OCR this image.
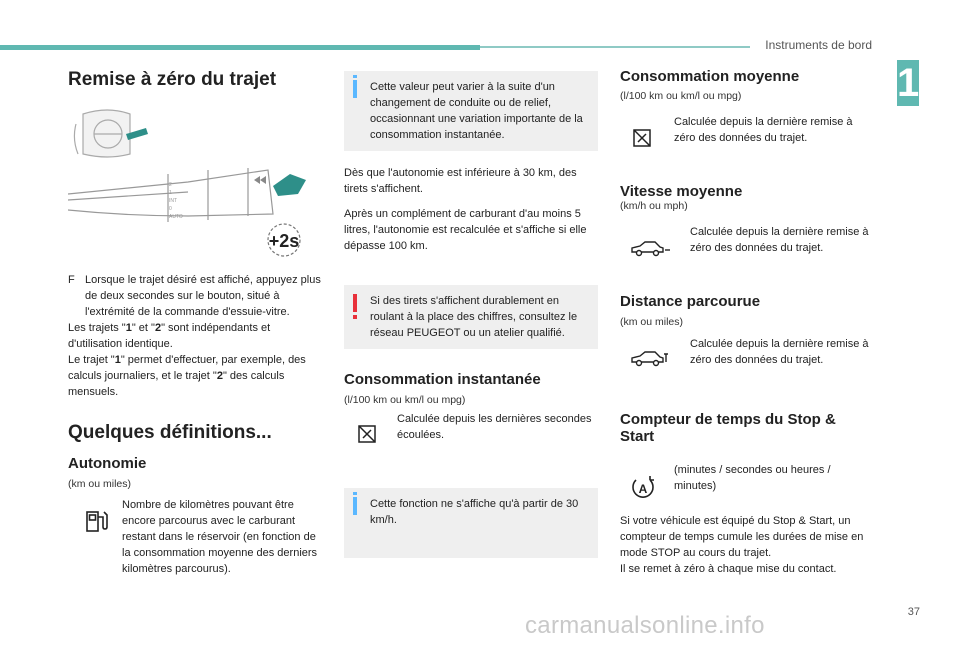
Instruments de bord
1
Remise à zéro du trajet
2
1
INT
0
AUTO
+2s
F Lorsque le trajet désiré est affiché, appuyez plus de deux secondes sur le bouton, situé à l'extrémité de la commande d'essuie-vitre.
Les trajets "1" et "2" sont indépendants et d'utilisation identique.
Le trajet "1" permet d'effectuer, par exemple, des calculs journaliers, et le trajet "2" des calculs mensuels.
Quelques définitions...
Autonomie
(km ou miles)
Nombre de kilomètres pouvant être encore parcourus avec le carburant restant dans le réservoir (en fonction de la consommation moyenne des derniers kilomètres parcourus).
Cette valeur peut varier à la suite d'un changement de conduite ou de relief, occasionnant une variation importante de la consommation instantanée.
Dès que l'autonomie est inférieure à 30 km, des tirets s'affichent.
Après un complément de carburant d'au moins 5 litres, l'autonomie est recalculée et s'affiche si elle dépasse 100 km.
Si des tirets s'affichent durablement en roulant à la place des chiffres, consultez le réseau PEUGEOT ou un atelier qualifié.
Consommation instantanée
(l/100 km ou km/l ou mpg)
Calculée depuis les dernières secondes écoulées.
Cette fonction ne s'affiche qu'à partir de 30 km/h.
Consommation moyenne
(l/100 km ou km/l ou mpg)
Calculée depuis la dernière remise à zéro des données du trajet.
Vitesse moyenne
(km/h ou mph)
Calculée depuis la dernière remise à zéro des données du trajet.
Distance parcourue
(km ou miles)
Calculée depuis la dernière remise à zéro des données du trajet.
Compteur de temps du Stop & Start
A
(minutes / secondes ou heures / minutes)
Si votre véhicule est équipé du Stop & Start, un compteur de temps cumule les durées de mise en mode STOP au cours du trajet.
Il se remet à zéro à chaque mise du contact.
37
carmanualsonline.info
